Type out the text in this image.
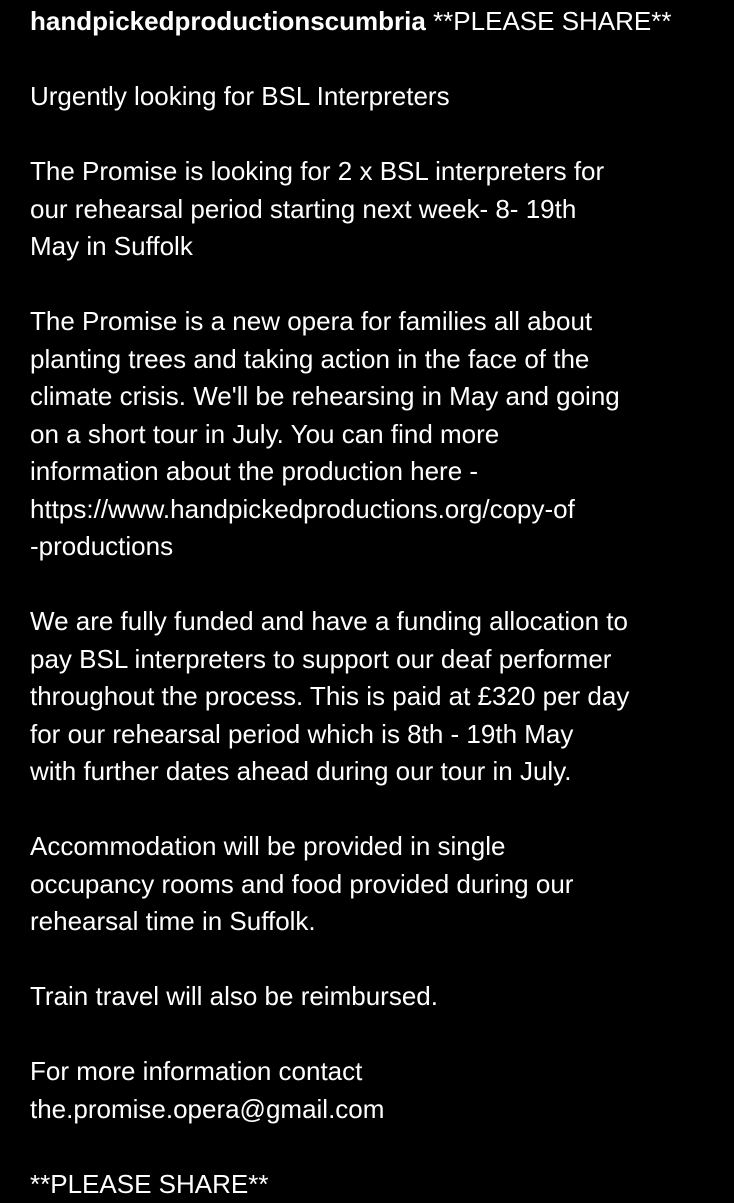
handpickedproductionscumbria **PLEASE SHARE**
Urgently looking for BSL Interpreters
The Promise is looking for 2 x BSL interpreters for
our rehearsal period starting next week- 8- 19th
May in Suffolk
The Promise is a new opera for families all about
planting trees and taking action in the face of the
climate crisis. We'll be rehearsing in May and going
on a short tour in July. You can find more
information about the production here -
https://www.handpickedproductions.org/copy-of
-productions
We are fully funded and have a funding allocation to
pay BSL interpreters to support our deaf performer
throughout the process. This is paid at £320 per day
for our rehearsal period which is 8th - 19th May
with further dates ahead during our tour in July.
Accommodation will be provided in single
occupancy rooms and food provided during our
rehearsal time in Suffolk.
Train travel will also be reimbursed.
For more information contact
the.promise.opera@gmail.com
**PLEASE SHARE**
